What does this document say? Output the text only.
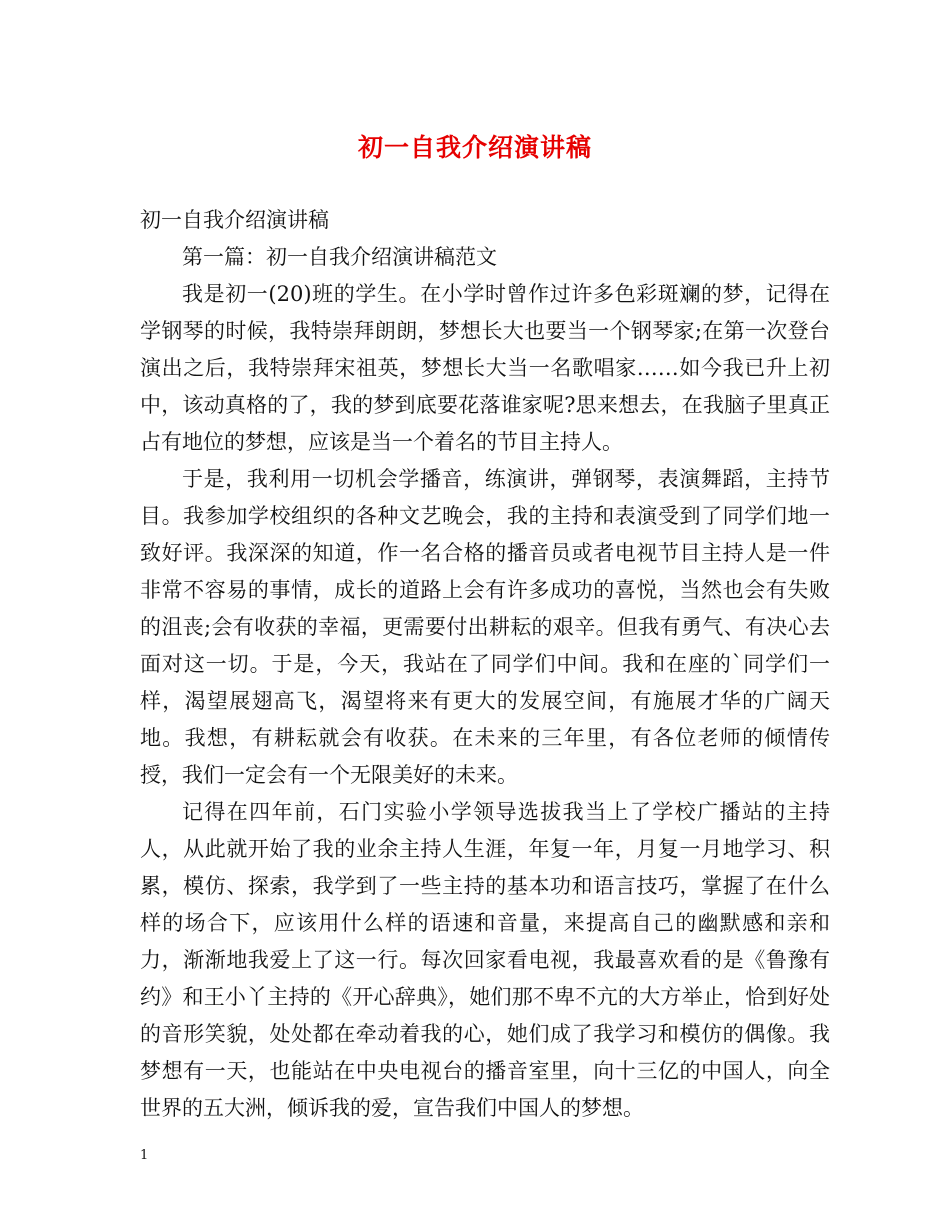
初一自我介绍演讲稿

初一自我介绍演讲稿

第一篇：初一自我介绍演讲稿范文

我是初一(20)班的学生。在小学时曾作过许多色彩斑斓的梦，记得在学钢琴的时候，我特崇拜朗朗，梦想长大也要当一个钢琴家;在第一次登台演出之后，我特崇拜宋祖英，梦想长大当一名歌唱家……如今我已升上初中，该动真格的了，我的梦到底要花落谁家呢?思来想去，在我脑子里真正占有地位的梦想，应该是当一个着名的节目主持人。

于是，我利用一切机会学播音，练演讲，弹钢琴，表演舞蹈，主持节目。我参加学校组织的各种文艺晚会，我的主持和表演受到了同学们地一致好评。我深深的知道，作一名合格的播音员或者电视节目主持人是一件非常不容易的事情，成长的道路上会有许多成功的喜悦，当然也会有失败的沮丧;会有收获的幸福，更需要付出耕耘的艰辛。但我有勇气、有决心去面对这一切。于是，今天，我站在了同学们中间。我和在座的`同学们一样，渴望展翅高飞，渴望将来有更大的发展空间，有施展才华的广阔天地。我想，有耕耘就会有收获。在未来的三年里，有各位老师的倾情传授，我们一定会有一个无限美好的未来。

记得在四年前，石门实验小学领导选拔我当上了学校广播站的主持人，从此就开始了我的业余主持人生涯，年复一年，月复一月地学习、积累，模仿、探索，我学到了一些主持的基本功和语言技巧，掌握了在什么样的场合下，应该用什么样的语速和音量，来提高自己的幽默感和亲和力，渐渐地我爱上了这一行。每次回家看电视，我最喜欢看的是《鲁豫有约》和王小丫主持的《开心辞典》，她们那不卑不亢的大方举止，恰到好处的音形笑貌，处处都在牵动着我的心，她们成了我学习和模仿的偶像。我梦想有一天，也能站在中央电视台的播音室里，向十三亿的中国人，向全世界的五大洲，倾诉我的爱，宣告我们中国人的梦想。

1
